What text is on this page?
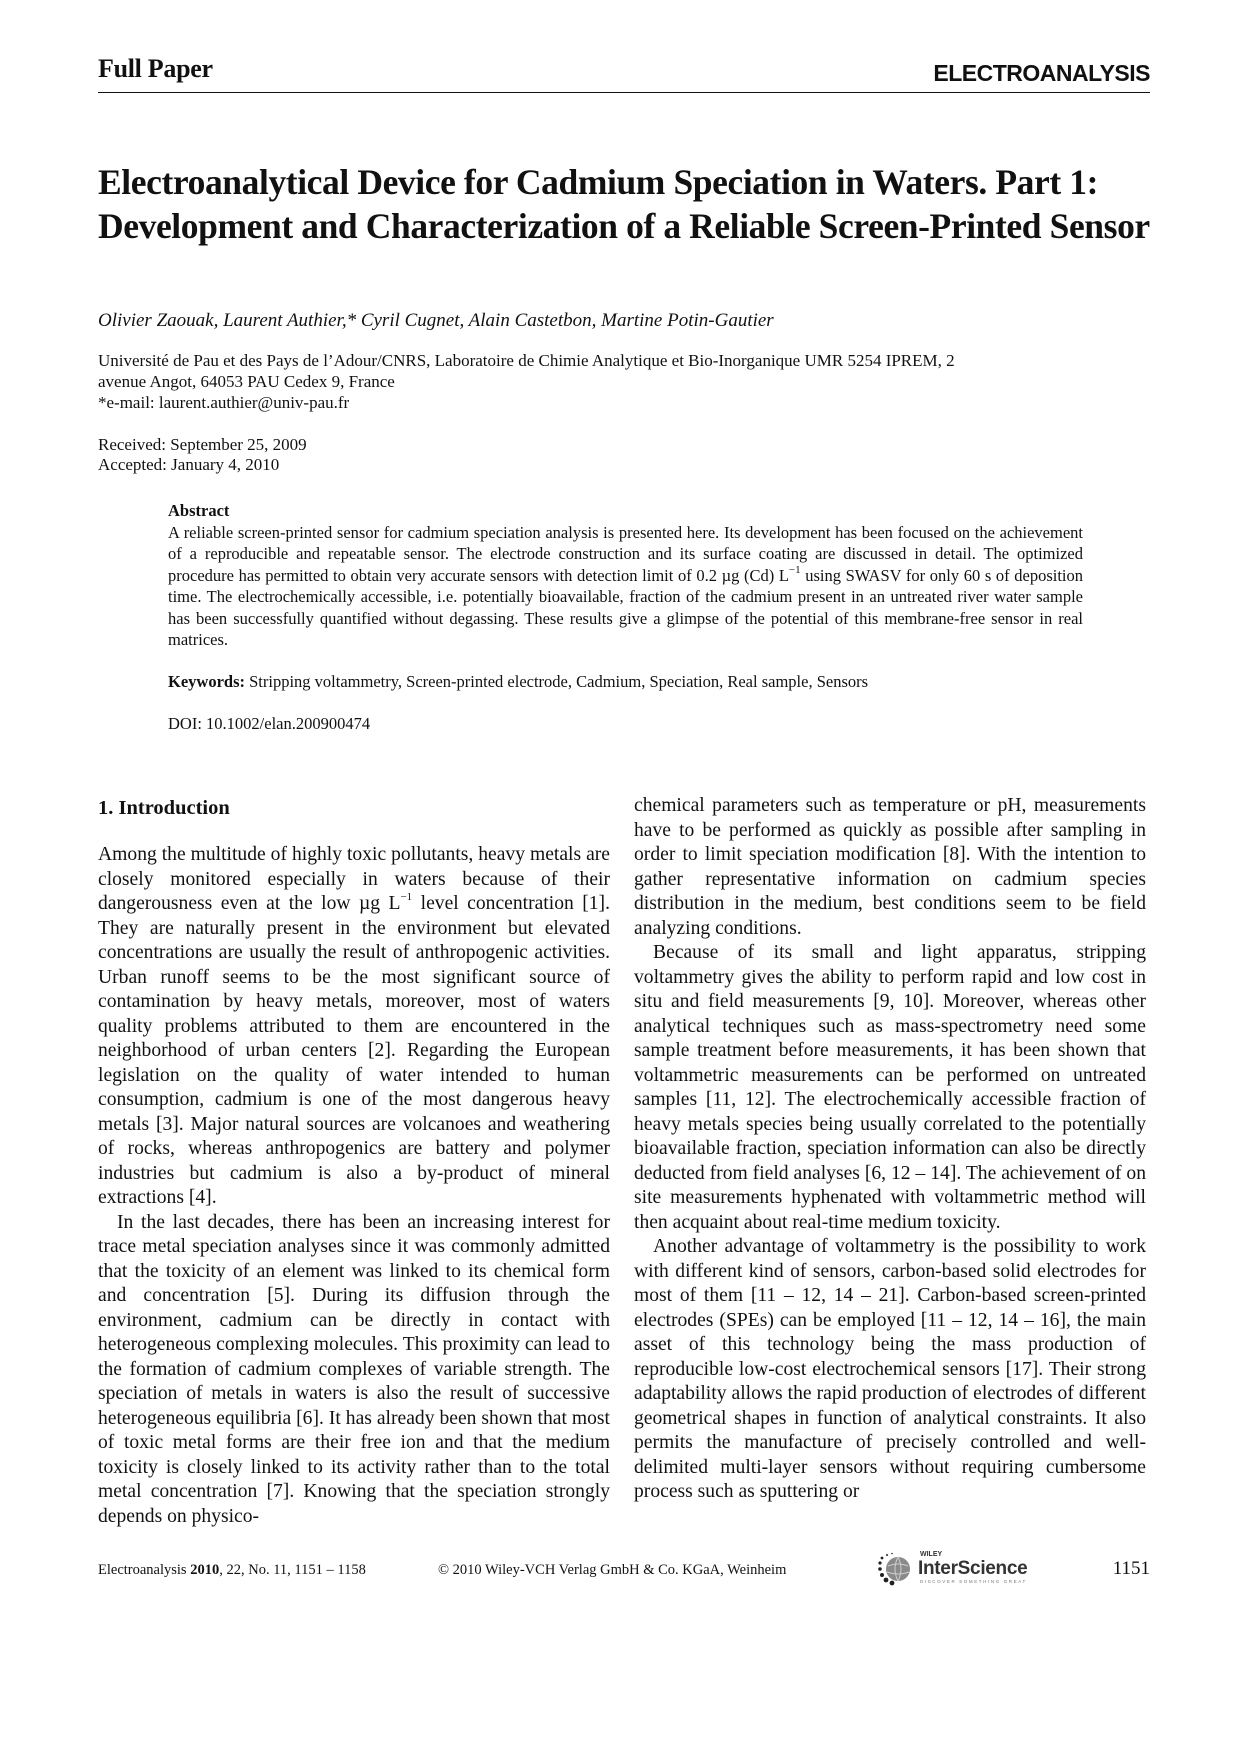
Full Paper	ELECTROANALYSIS
Electroanalytical Device for Cadmium Speciation in Waters. Part 1: Development and Characterization of a Reliable Screen-Printed Sensor
Olivier Zaouak, Laurent Authier,* Cyril Cugnet, Alain Castetbon, Martine Potin-Gautier
Université de Pau et des Pays de l’Adour/CNRS, Laboratoire de Chimie Analytique et Bio-Inorganique UMR 5254 IPREM, 2
avenue Angot, 64053 PAU Cedex 9, France
*e-mail: laurent.authier@univ-pau.fr
Received: September 25, 2009
Accepted: January 4, 2010
Abstract
A reliable screen-printed sensor for cadmium speciation analysis is presented here. Its development has been focused on the achievement of a reproducible and repeatable sensor. The electrode construction and its surface coating are discussed in detail. The optimized procedure has permitted to obtain very accurate sensors with detection limit of 0.2 µg (Cd) $L^{-1}$ using SWASV for only 60 s of deposition time. The electrochemically accessible, i.e. potentially bioavailable, fraction of the cadmium present in an untreated river water sample has been successfully quantified without degassing. These results give a glimpse of the potential of this membrane-free sensor in real matrices.
Keywords: Stripping voltammetry, Screen-printed electrode, Cadmium, Speciation, Real sample, Sensors
DOI: 10.1002/elan.200900474
1. Introduction

Among the multitude of highly toxic pollutants, heavy metals are closely monitored especially in waters because of their dangerousness even at the low µg $L^{-1}$ level concentration [1]. They are naturally present in the environment but elevated concentrations are usually the result of anthropogenic activities. Urban runoff seems to be the most significant source of contamination by heavy metals, moreover, most of waters quality problems attributed to them are encountered in the neighborhood of urban centers [2]. Regarding the European legislation on the quality of water intended to human consumption, cadmium is one of the most dangerous heavy metals [3]. Major natural sources are volcanoes and weathering of rocks, whereas anthropogenics are battery and polymer industries but cadmium is also a by-product of mineral extractions [4].

In the last decades, there has been an increasing interest for trace metal speciation analyses since it was commonly admitted that the toxicity of an element was linked to its chemical form and concentration [5]. During its diffusion through the environment, cadmium can be directly in contact with heterogeneous complexing molecules. This proximity can lead to the formation of cadmium complexes of variable strength. The speciation of metals in waters is also the result of successive heterogeneous equilibria [6]. It has already been shown that most of toxic metal forms are their free ion and that the medium toxicity is closely linked to its activity rather than to the total metal concentration [7]. Knowing that the speciation strongly depends on physico-

chemical parameters such as temperature or pH, measurements have to be performed as quickly as possible after sampling in order to limit speciation modification [8]. With the intention to gather representative information on cadmium species distribution in the medium, best conditions seem to be field analyzing conditions.

Because of its small and light apparatus, stripping voltammetry gives the ability to perform rapid and low cost in situ and field measurements [9, 10]. Moreover, whereas other analytical techniques such as mass-spectrometry need some sample treatment before measurements, it has been shown that voltammetric measurements can be performed on untreated samples [11, 12]. The electrochemically accessible fraction of heavy metals species being usually correlated to the potentially bioavailable fraction, speciation information can also be directly deducted from field analyses [6, 12 – 14]. The achievement of on site measurements hyphenated with voltammetric method will then acquaint about real-time medium toxicity.

Another advantage of voltammetry is the possibility to work with different kind of sensors, carbon-based solid electrodes for most of them [11 – 12, 14 – 21]. Carbon-based screen-printed electrodes (SPEs) can be employed [11 – 12, 14 – 16], the main asset of this technology being the mass production of reproducible low-cost electrochemical sensors [17]. Their strong adaptability allows the rapid production of electrodes of different geometrical shapes in function of analytical constraints. It also permits the manufacture of precisely controlled and well-delimited multi-layer sensors without requiring cumbersome process such as sputtering or

Electroanalysis 2010, 22, No. 11, 1151 – 1158	© 2010 Wiley-VCH Verlag GmbH & Co. KGaA, Weinheim
WILEY
InterScience
DISCOVER SOMETHING GREAT
1151
